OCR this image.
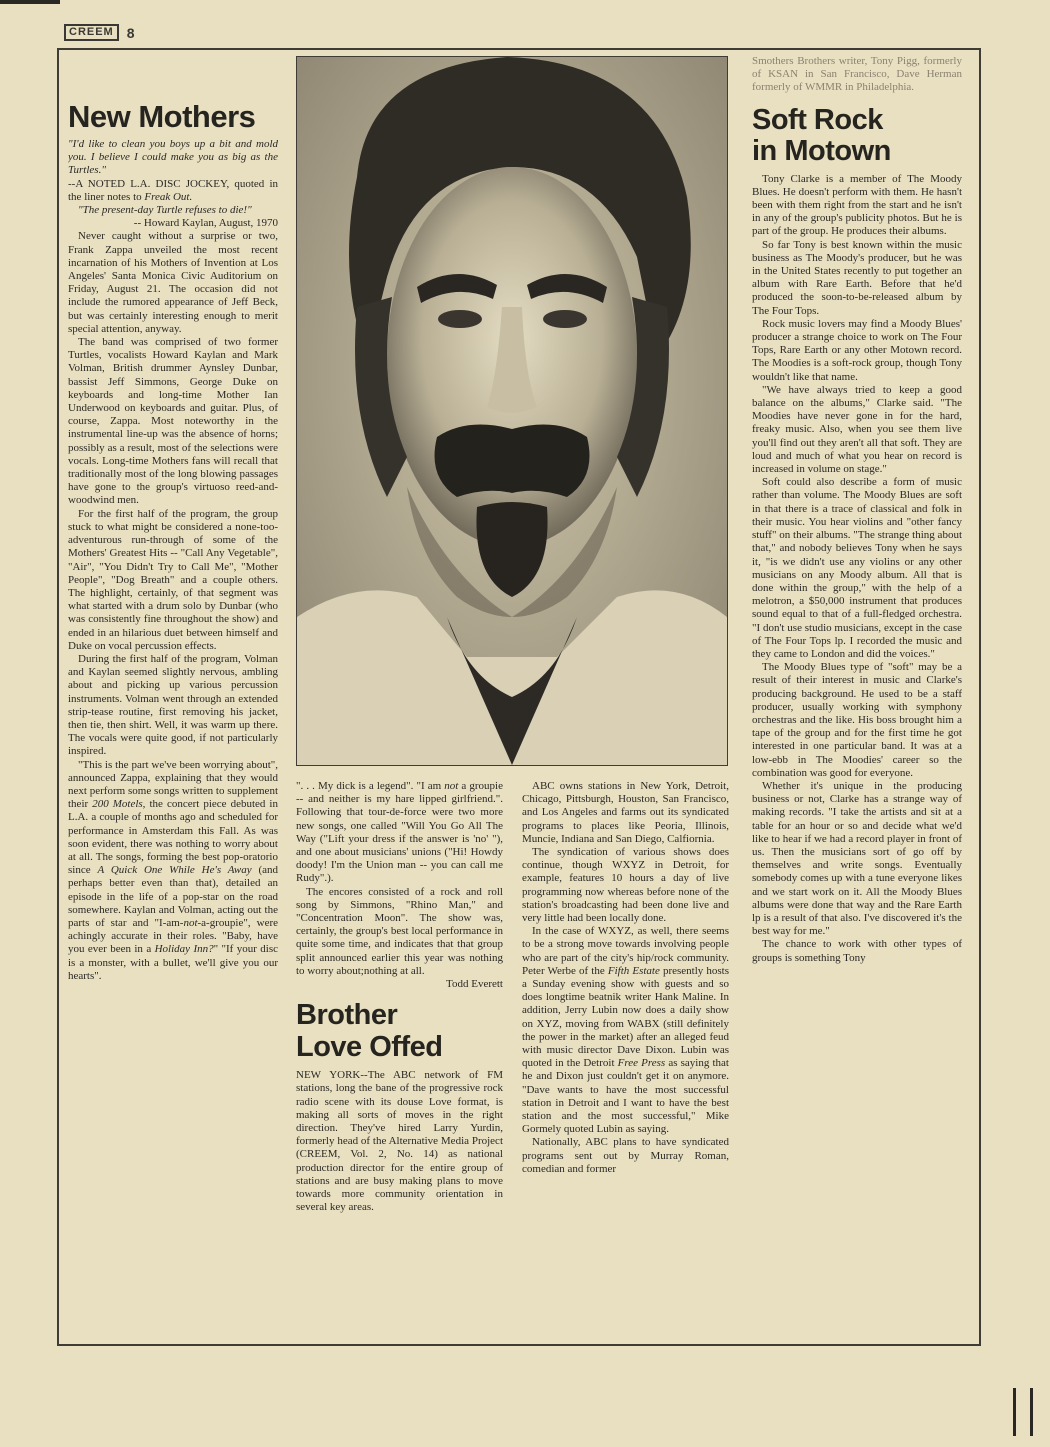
CREEM 8
New Mothers

"I'd like to clean you boys up a bit and mold you. I believe I could make you as big as the Turtles."

--A NOTED L.A. DISC JOCKEY, quoted in the liner notes to Freak Out.

"The present-day Turtle refuses to die!"

-- Howard Kaylan, August, 1970

Never caught without a surprise or two, Frank Zappa unveiled the most recent incarnation of his Mothers of Invention at Los Angeles' Santa Monica Civic Auditorium on Friday, August 21. The occasion did not include the rumored appearance of Jeff Beck, but was certainly interesting enough to merit special attention, anyway.

The band was comprised of two former Turtles, vocalists Howard Kaylan and Mark Volman, British drummer Aynsley Dunbar, bassist Jeff Simmons, George Duke on keyboards and long-time Mother Ian Underwood on keyboards and guitar. Plus, of course, Zappa. Most noteworthy in the instrumental line-up was the absence of horns; possibly as a result, most of the selections were vocals. Long-time Mothers fans will recall that traditionally most of the long blowing passages have gone to the group's virtuoso reed-and-woodwind men.

For the first half of the program, the group stuck to what might be considered a none-too-adventurous run-through of some of the Mothers' Greatest Hits -- "Call Any Vegetable", "Air", "You Didn't Try to Call Me", "Mother People", "Dog Breath" and a couple others. The highlight, certainly, of that segment was what started with a drum solo by Dunbar (who was consistently fine throughout the show) and ended in an hilarious duet between himself and Duke on vocal percussion effects.

During the first half of the program, Volman and Kaylan seemed slightly nervous, ambling about and picking up various percussion instruments. Volman went through an extended strip-tease routine, first removing his jacket, then tie, then shirt. Well, it was warm up there. The vocals were quite good, if not particularly inspired.

"This is the part we've been worrying about", announced Zappa, explaining that they would next perform some songs written to supplement their 200 Motels, the concert piece debuted in L.A. a couple of months ago and scheduled for performance in Amsterdam this Fall. As was soon evident, there was nothing to worry about at all. The songs, forming the best pop-oratorio since A Quick One While He's Away (and perhaps better even than that), detailed an episode in the life of a pop-star on the road somewhere. Kaylan and Volman, acting out the parts of star and "I-am-not-a-groupie", were achingly accurate in their roles. "Baby, have you ever been in a Holiday Inn?" "If your disc is a monster, with a bullet, we'll give you our hearts".

". . . My dick is a legend". "I am not a groupie -- and neither is my hare lipped girlfriend.". Following that tour-de-force were two more new songs, one called "Will You Go All The Way ("Lift your dress if the answer is 'no' "), and one about musicians' unions ("Hi! Howdy doody! I'm the Union man -- you can call me Rudy".).

The encores consisted of a rock and roll song by Simmons, "Rhino Man," and "Concentration Moon". The show was, certainly, the group's best local performance in quite some time, and indicates that that group split announced earlier this year was nothing to worry about;nothing at all.

Todd Everett

Brother
Love Offed

NEW YORK--The ABC network of FM stations, long the bane of the progressive rock radio scene with its douse Love format, is making all sorts of moves in the right direction. They've hired Larry Yurdin, formerly head of the Alternative Media Project (CREEM, Vol. 2, No. 14) as national production director for the entire group of stations and are busy making plans to move towards more community orientation in several key areas.

ABC owns stations in New York, Detroit, Chicago, Pittsburgh, Houston, San Francisco, and Los Angeles and farms out its syndicated programs to places like Peoria, Illinois, Muncie, Indiana and San Diego, Calfiornia.

The syndication of various shows does continue, though WXYZ in Detroit, for example, features 10 hours a day of live programming now whereas before none of the station's broadcasting had been done live and very little had been locally done.

In the case of WXYZ, as well, there seems to be a strong move towards involving people who are part of the city's hip/rock community. Peter Werbe of the Fifth Estate presently hosts a Sunday evening show with guests and so does longtime beatnik writer Hank Maline. In addition, Jerry Lubin now does a daily show on XYZ, moving from WABX (still definitely the power in the market) after an alleged feud with music director Dave Dixon. Lubin was quoted in the Detroit Free Press as saying that he and Dixon just couldn't get it on anymore. "Dave wants to have the most successful station in Detroit and I want to have the best station and the most successful," Mike Gormely quoted Lubin as saying.

Nationally, ABC plans to have syndicated programs sent out by Murray Roman, comedian and former

Smothers Brothers writer, Tony Pigg, formerly of KSAN in San Francisco, Dave Herman formerly of WMMR in Philadelphia.

Soft Rock
in Motown

Tony Clarke is a member of The Moody Blues. He doesn't perform with them. He hasn't been with them right from the start and he isn't in any of the group's publicity photos. But he is part of the group. He produces their albums.

So far Tony is best known within the music business as The Moody's producer, but he was in the United States recently to put together an album with Rare Earth. Before that he'd produced the soon-to-be-released album by The Four Tops.

Rock music lovers may find a Moody Blues' producer a strange choice to work on The Four Tops, Rare Earth or any other Motown record. The Moodies is a soft-rock group, though Tony wouldn't like that name.

"We have always tried to keep a good balance on the albums," Clarke said. "The Moodies have never gone in for the hard, freaky music. Also, when you see them live you'll find out they aren't all that soft. They are loud and much of what you hear on record is increased in volume on stage."

Soft could also describe a form of music rather than volume. The Moody Blues are soft in that there is a trace of classical and folk in their music. You hear violins and "other fancy stuff" on their albums. "The strange thing about that," and nobody believes Tony when he says it, "is we didn't use any violins or any other musicians on any Moody album. All that is done within the group," with the help of a melotron, a $50,000 instrument that produces sound equal to that of a full-fledged orchestra. "I don't use studio musicians, except in the case of The Four Tops lp. I recorded the music and they came to London and did the voices."

The Moody Blues type of "soft" may be a result of their interest in music and Clarke's producing background. He used to be a staff producer, usually working with symphony orchestras and the like. His boss brought him a tape of the group and for the first time he got interested in one particular band. It was at a low-ebb in The Moodies' career so the combination was good for everyone.

Whether it's unique in the producing business or not, Clarke has a strange way of making records. "I take the artists and sit at a table for an hour or so and decide what we'd like to hear if we had a record player in front of us. Then the musicians sort of go off by themselves and write songs. Eventually somebody comes up with a tune everyone likes and we start work on it. All the Moody Blues albums were done that way and the Rare Earth lp is a result of that also. I've discovered it's the best way for me."

The chance to work with other types of groups is something Tony
